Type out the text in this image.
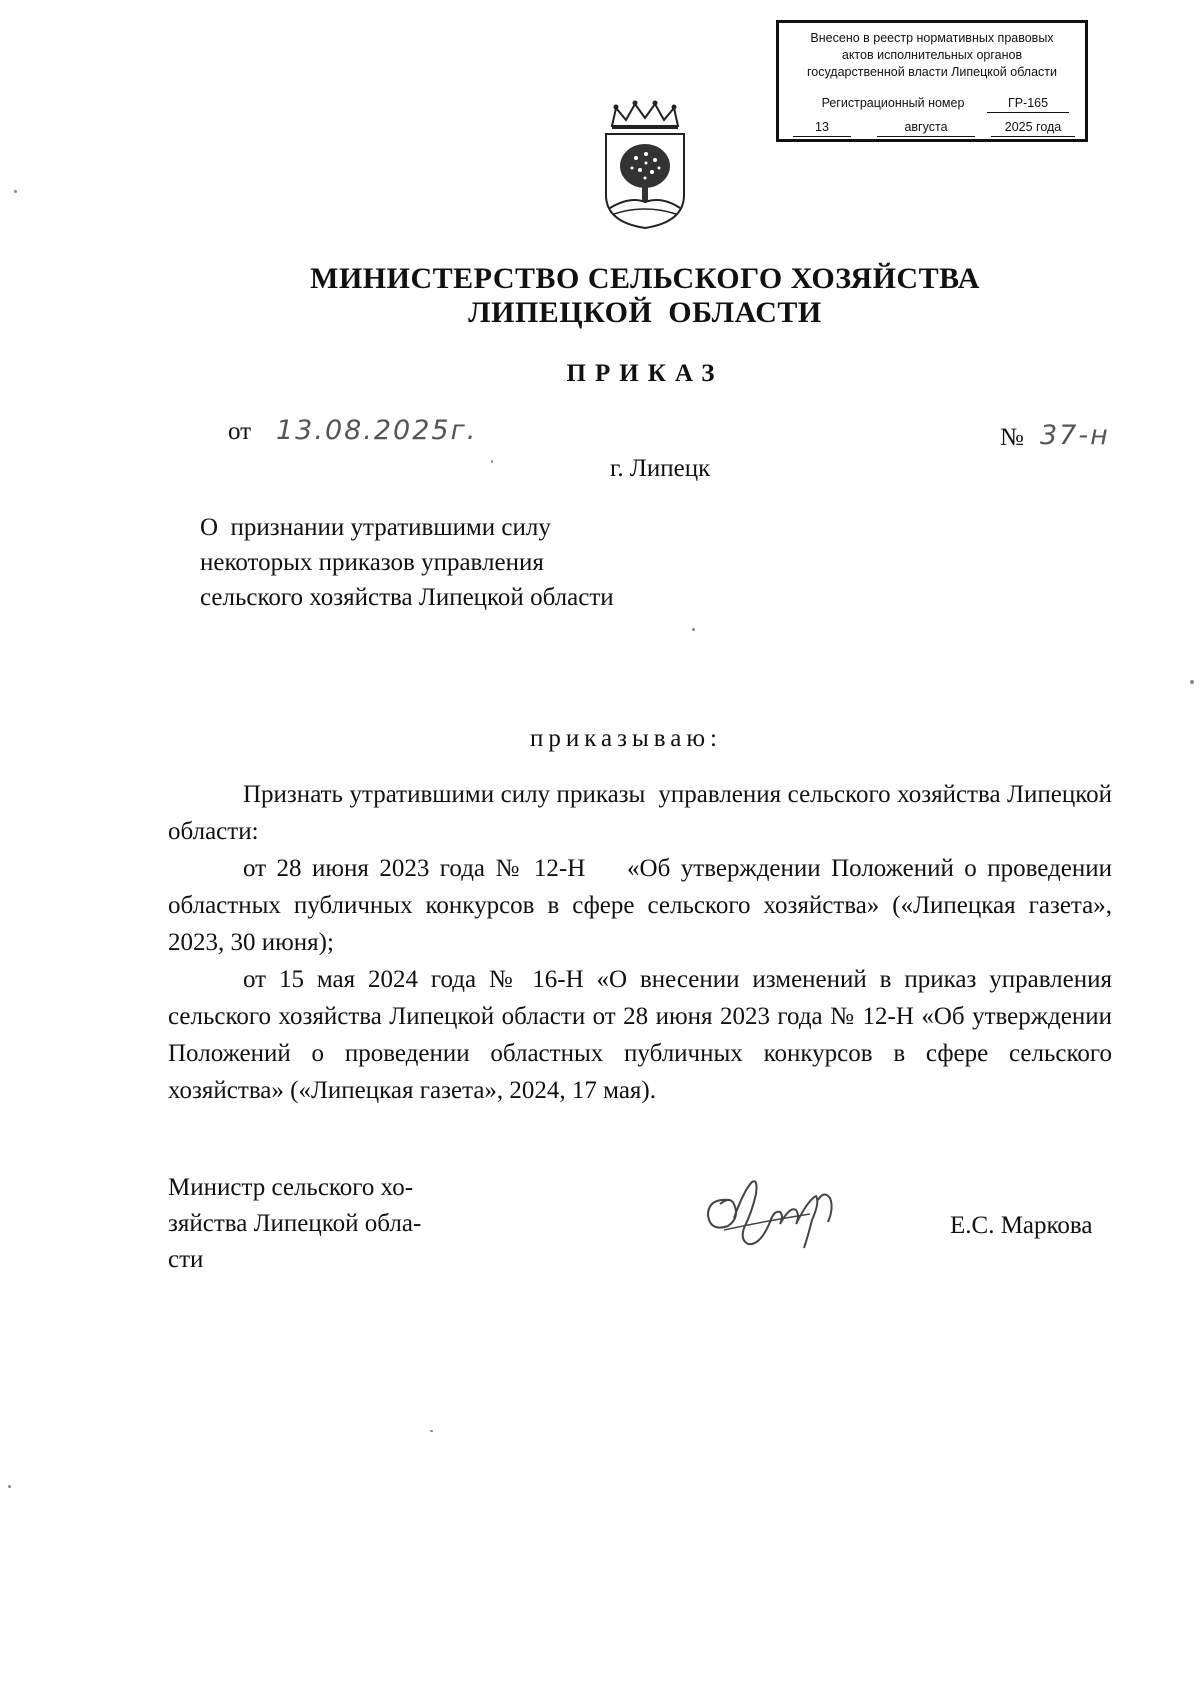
Внесено в реестр нормативных правовых
актов исполнительных органов
государственной власти Липецкой области
Регистрационный номер	ГР-165
13	августа	2025 года
МИНИСТЕРСТВО СЕЛЬСКОГО ХОЗЯЙСТВА
ЛИПЕЦКОЙ  ОБЛАСТИ
ПРИКАЗ
от 13.08.2025г.	№ 37-н
г. Липецк
О  признании утратившими силу
некоторых приказов управления
сельского хозяйства Липецкой области
приказываю:

Признать утратившими силу приказы  управления сельского хозяйства Липецкой области:

от 28 июня 2023 года № 12-Н    «Об утверждении Положений о проведении областных публичных конкурсов в сфере сельского хозяйства» («Липецкая газета», 2023, 30 июня);

от 15 мая 2024 года № 16-Н «О внесении изменений в приказ управления сельского хозяйства Липецкой области от 28 июня 2023 года № 12-Н «Об утверждении Положений о проведении областных публичных конкурсов в сфере сельского хозяйства» («Липецкая газета», 2024, 17 мая).

Министр сельского хо-
зяйства Липецкой обла-
сти
Е.С. Маркова
